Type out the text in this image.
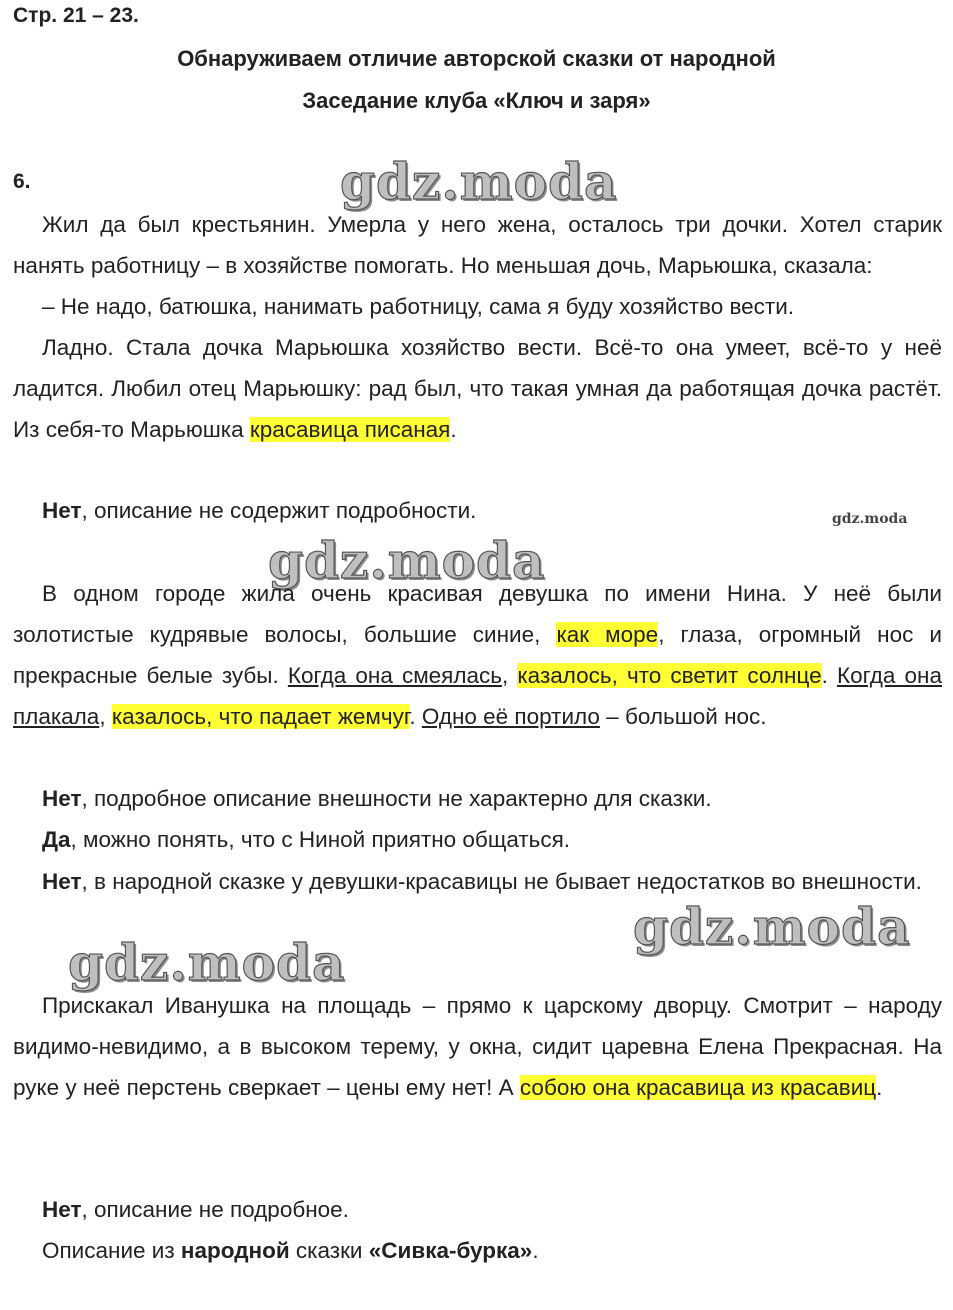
Стр. 21 – 23.
Обнаруживаем отличие авторской сказки от народной
Заседание клуба «Ключ и заря»
6.	gdz.moda
gdz.moda
gdz.moda
gdz.moda
gdz.moda

Жил да был крестьянин. Умерла у него жена, осталось три дочки. Хотел старик нанять работницу – в хозяйстве помогать. Но меньшая дочь, Марьюшка, сказала:

– Не надо, батюшка, нанимать работницу, сама я буду хозяйство вести.

Ладно. Стала дочка Марьюшка хозяйство вести. Всё-то она умеет, всё-то у неё ладится. Любил отец Марьюшку: рад был, что такая умная да работящая дочка растёт. Из себя-то Марьюшка красавица писаная.

Нет, описание не содержит подробности.

В одном городе жила очень красивая девушка по имени Нина. У неё были золотистые кудрявые волосы, большие синие, как море, глаза, огромный нос и прекрасные белые зубы. Когда она смеялась, казалось, что светит солнце. Когда она плакала, казалось, что падает жемчуг. Одно её портило – большой нос.

Нет, подробное описание внешности не характерно для сказки.
Да, можно понять, что с Ниной приятно общаться.
Нет, в народной сказке у девушки-красавицы не бывает недостатков во внешности.

Прискакал Иванушка на площадь – прямо к царскому дворцу. Смотрит – народу видимо-невидимо, а в высоком терему, у окна, сидит царевна Елена Прекрасная. На руке у неё перстень сверкает – цены ему нет! А собою она красавица из красавиц.

Нет, описание не подробное.
Описание из народной сказки «Сивка-бурка».
